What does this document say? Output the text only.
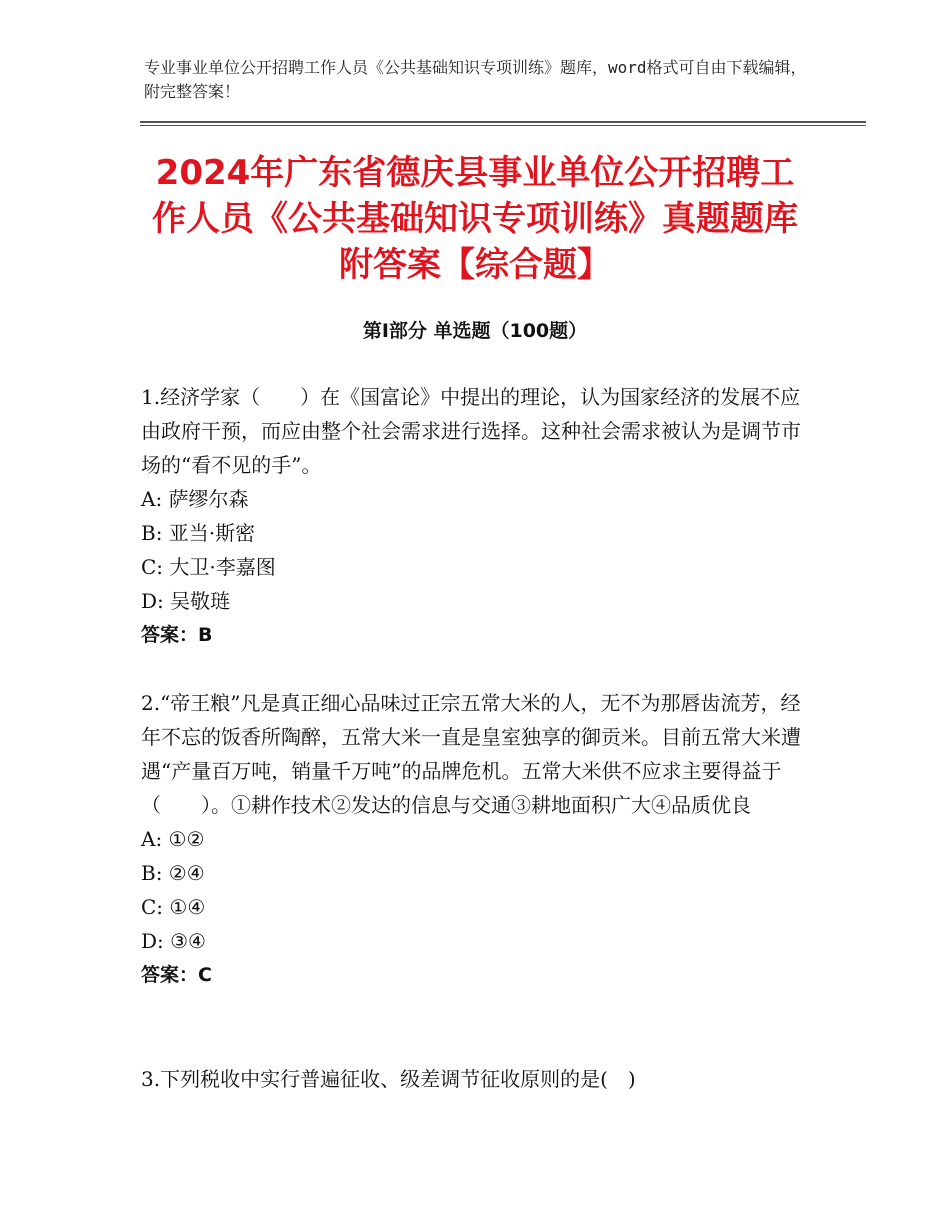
专业事业单位公开招聘工作人员《公共基础知识专项训练》题库，word格式可自由下载编辑，附完整答案！
2024年广东省德庆县事业单位公开招聘工作人员《公共基础知识专项训练》真题题库附答案【综合题】
第I部分 单选题（100题）

1.经济学家（　　）在《国富论》中提出的理论，认为国家经济的发展不应由政府干预，而应由整个社会需求进行选择。这种社会需求被认为是调节市场的“看不见的手”。

A: 萨缪尔森

B: 亚当·斯密

C: 大卫·李嘉图

D: 吴敬琏

答案：B

2.“帝王粮”凡是真正细心品味过正宗五常大米的人，无不为那唇齿流芳，经年不忘的饭香所陶醉，五常大米一直是皇室独享的御贡米。目前五常大米遭遇“产量百万吨，销量千万吨”的品牌危机。五常大米供不应求主要得益于（　　）。①耕作技术②发达的信息与交通③耕地面积广大④品质优良

A: ①②

B: ②④

C: ①④

D: ③④

答案：C

3.下列税收中实行普遍征收、级差调节征收原则的是(　)
